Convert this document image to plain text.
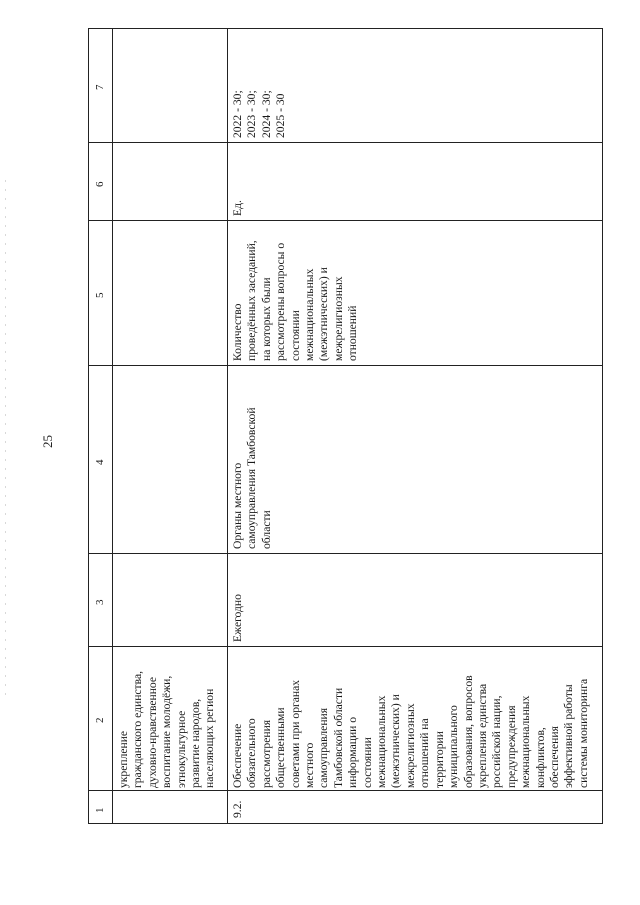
25
1
2
3
4
5
6
7
укрепление гражданского единства, духовно-нравственное воспитание молодёжи, этнокультурное развитие народов, населяющих регион
9.2.
Обеспечение обязательного рассмотрения общественными советами при органах местного самоуправления Тамбовской области информации о состоянии межнациональных (межэтнических) и межрелигиозных отношений на территории муниципального образования, вопросов укрепления единства российской нации, предупреждения межнациональных конфликтов, обеспечения эффективной работы системы мониторинга
Ежегодно
Органы местного самоуправления Тамбовской области
Количество проведённых заседаний, на которых были рассмотрены вопросы о состоянии межнациональных (межэтнических) и межрелигиозных отношений
Ед.
2022 - 30; 2023 - 30; 2024 - 30; 2025 - 30
